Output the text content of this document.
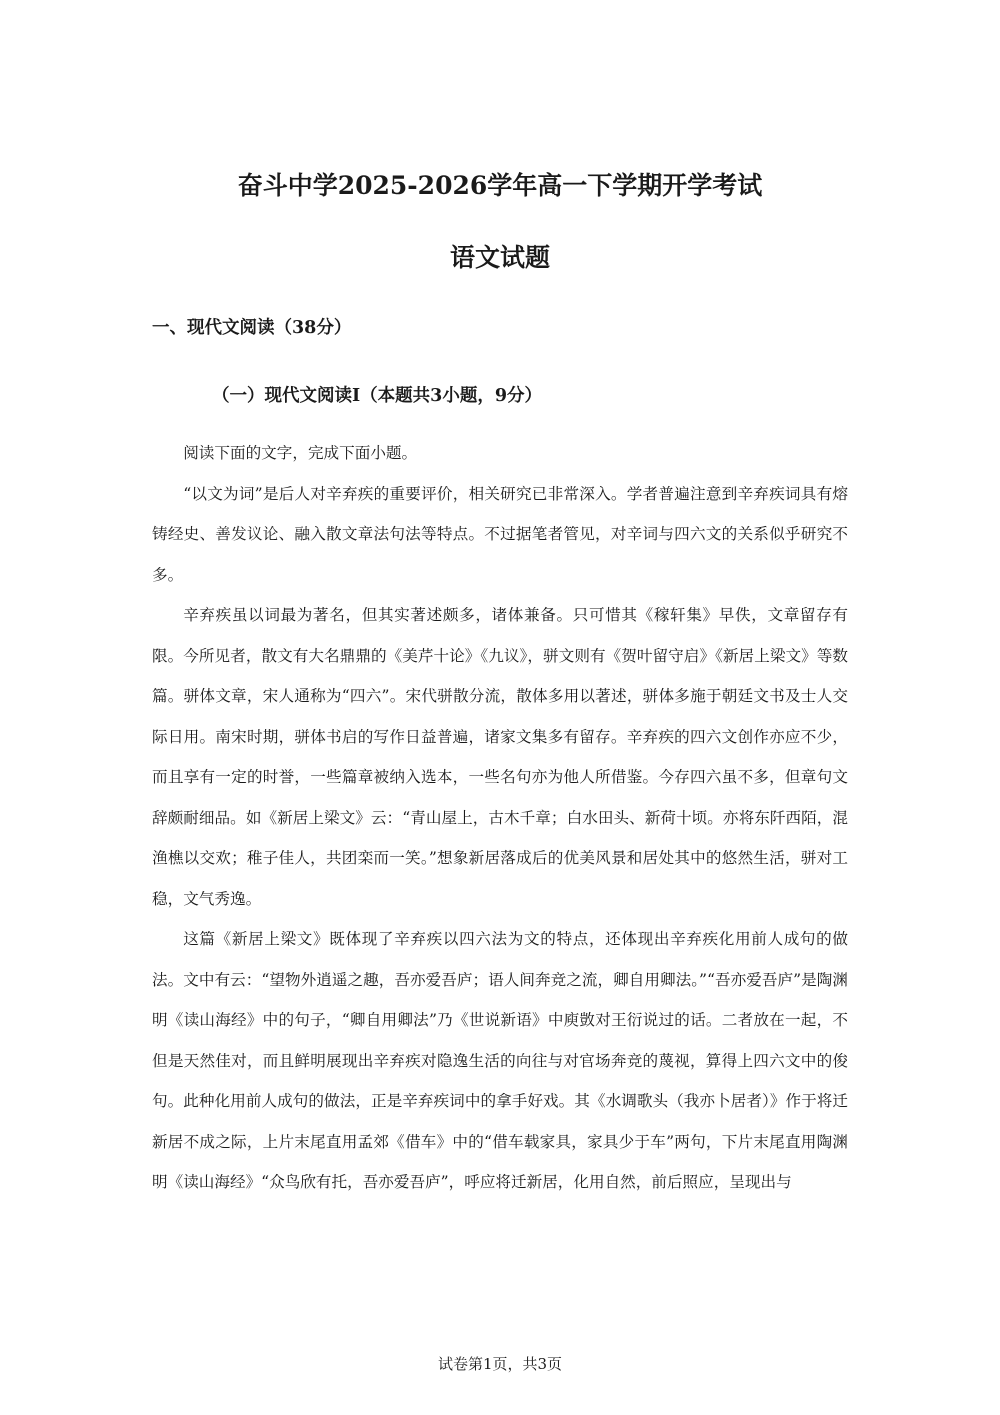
奋斗中学2025-2026学年高一下学期开学考试
语文试题
一、现代文阅读（38分）
（一）现代文阅读I（本题共3小题，9分）

阅读下面的文字，完成下面小题。

“以文为词”是后人对辛弃疾的重要评价，相关研究已非常深入。学者普遍注意到辛弃疾词具有熔铸经史、善发议论、融入散文章法句法等特点。不过据笔者管见，对辛词与四六文的关系似乎研究不多。

辛弃疾虽以词最为著名，但其实著述颇多，诸体兼备。只可惜其《稼轩集》早佚，文章留存有限。今所见者，散文有大名鼎鼎的《美芹十论》《九议》，骈文则有《贺叶留守启》《新居上梁文》等数篇。骈体文章，宋人通称为“四六”。宋代骈散分流，散体多用以著述，骈体多施于朝廷文书及士人交际日用。南宋时期，骈体书启的写作日益普遍，诸家文集多有留存。辛弃疾的四六文创作亦应不少，而且享有一定的时誉，一些篇章被纳入选本，一些名句亦为他人所借鉴。今存四六虽不多，但章句文辞颇耐细品。如《新居上梁文》云：“青山屋上，古木千章；白水田头、新荷十顷。亦将东阡西陌，混渔樵以交欢；稚子佳人，共团栾而一笑。”想象新居落成后的优美风景和居处其中的悠然生活，骈对工稳，文气秀逸。

这篇《新居上梁文》既体现了辛弃疾以四六法为文的特点，还体现出辛弃疾化用前人成句的做法。文中有云：“望物外逍遥之趣，吾亦爱吾庐；语人间奔竞之流，卿自用卿法。”“吾亦爱吾庐”是陶渊明《读山海经》中的句子，“卿自用卿法”乃《世说新语》中庾敳对王衍说过的话。二者放在一起，不但是天然佳对，而且鲜明展现出辛弃疾对隐逸生活的向往与对官场奔竞的蔑视，算得上四六文中的俊句。此种化用前人成句的做法，正是辛弃疾词中的拿手好戏。其《水调歌头（我亦卜居者）》作于将迁新居不成之际，上片末尾直用孟郊《借车》中的“借车载家具，家具少于车”两句，下片末尾直用陶渊明《读山海经》“众鸟欣有托，吾亦爱吾庐”，呼应将迁新居，化用自然，前后照应，呈现出与

试卷第1页，共3页
